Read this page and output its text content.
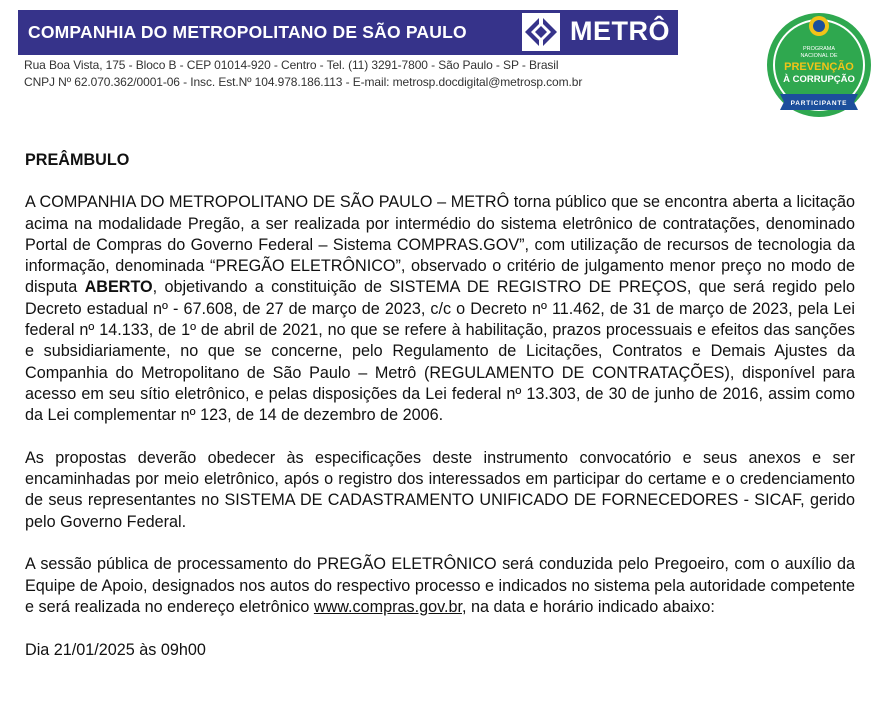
COMPANHIA DO METROPOLITANO DE SÃO PAULO	METRÔ
Rua Boa Vista, 175 - Bloco B - CEP 01014-920 - Centro - Tel. (11) 3291-7800 - São Paulo - SP - Brasil
CNPJ Nº 62.070.362/0001-06 - Insc. Est.Nº 104.978.186.113 - E-mail: metrosp.docdigital@metrosp.com.br
PROGRAMA
NACIONAL DE
PREVENÇÃO
À CORRUPÇÃO
PARTICIPANTE
PREÂMBULO

A COMPANHIA DO METROPOLITANO DE SÃO PAULO – METRÔ torna público que se encontra aberta a licitação acima na modalidade Pregão, a ser realizada por intermédio do sistema eletrônico de contratações, denominado Portal de Compras do Governo Federal – Sistema COMPRAS.GOV”, com utilização de recursos de tecnologia da informação, denominada “PREGÃO ELETRÔNICO”, observado o critério de julgamento menor preço no modo de disputa ABERTO, objetivando a constituição de SISTEMA DE REGISTRO DE PREÇOS, que será regido pelo Decreto estadual nº - 67.608, de 27 de março de 2023, c/c o Decreto nº 11.462, de 31 de março de 2023, pela Lei federal nº 14.133, de 1º de abril de 2021, no que se refere à habilitação, prazos processuais e efeitos das sanções e subsidiariamente, no que se concerne, pelo Regulamento de Licitações, Contratos e Demais Ajustes da Companhia do Metropolitano de São Paulo – Metrô (REGULAMENTO DE CONTRATAÇÕES), disponível para acesso em seu sítio eletrônico, e pelas disposições da Lei federal nº 13.303, de 30 de junho de 2016, assim como da Lei complementar nº 123, de 14 de dezembro de 2006.

As propostas deverão obedecer às especificações deste instrumento convocatório e seus anexos e ser encaminhadas por meio eletrônico, após o registro dos interessados em participar do certame e o credenciamento de seus representantes no SISTEMA DE CADASTRAMENTO UNIFICADO DE FORNECEDORES - SICAF, gerido pelo Governo Federal.

A sessão pública de processamento do PREGÃO ELETRÔNICO será conduzida pelo Pregoeiro, com o auxílio da Equipe de Apoio, designados nos autos do respectivo processo e indicados no sistema pela autoridade competente e será realizada no endereço eletrônico www.compras.gov.br, na data e horário indicado abaixo:

Dia 21/01/2025 às 09h00
